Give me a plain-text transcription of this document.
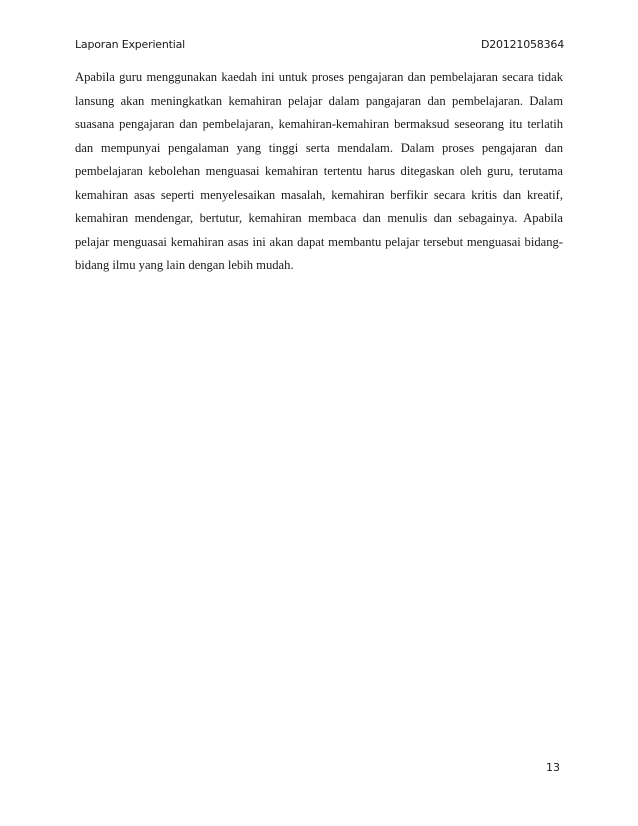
Laporan Experiential	D20121058364
Apabila guru menggunakan kaedah ini untuk proses pengajaran dan pembelajaran secara tidak lansung akan meningkatkan kemahiran pelajar dalam pangajaran dan pembelajaran. Dalam suasana pengajaran dan pembelajaran, kemahiran-kemahiran bermaksud seseorang itu terlatih dan mempunyai pengalaman yang tinggi serta mendalam. Dalam proses pengajaran dan pembelajaran kebolehan menguasai kemahiran tertentu harus ditegaskan oleh guru, terutama kemahiran asas seperti menyelesaikan masalah, kemahiran berfikir secara kritis dan kreatif, kemahiran mendengar, bertutur, kemahiran membaca dan menulis dan sebagainya. Apabila pelajar menguasai kemahiran asas ini akan dapat membantu pelajar tersebut menguasai bidang-bidang ilmu yang lain dengan lebih mudah.
13
